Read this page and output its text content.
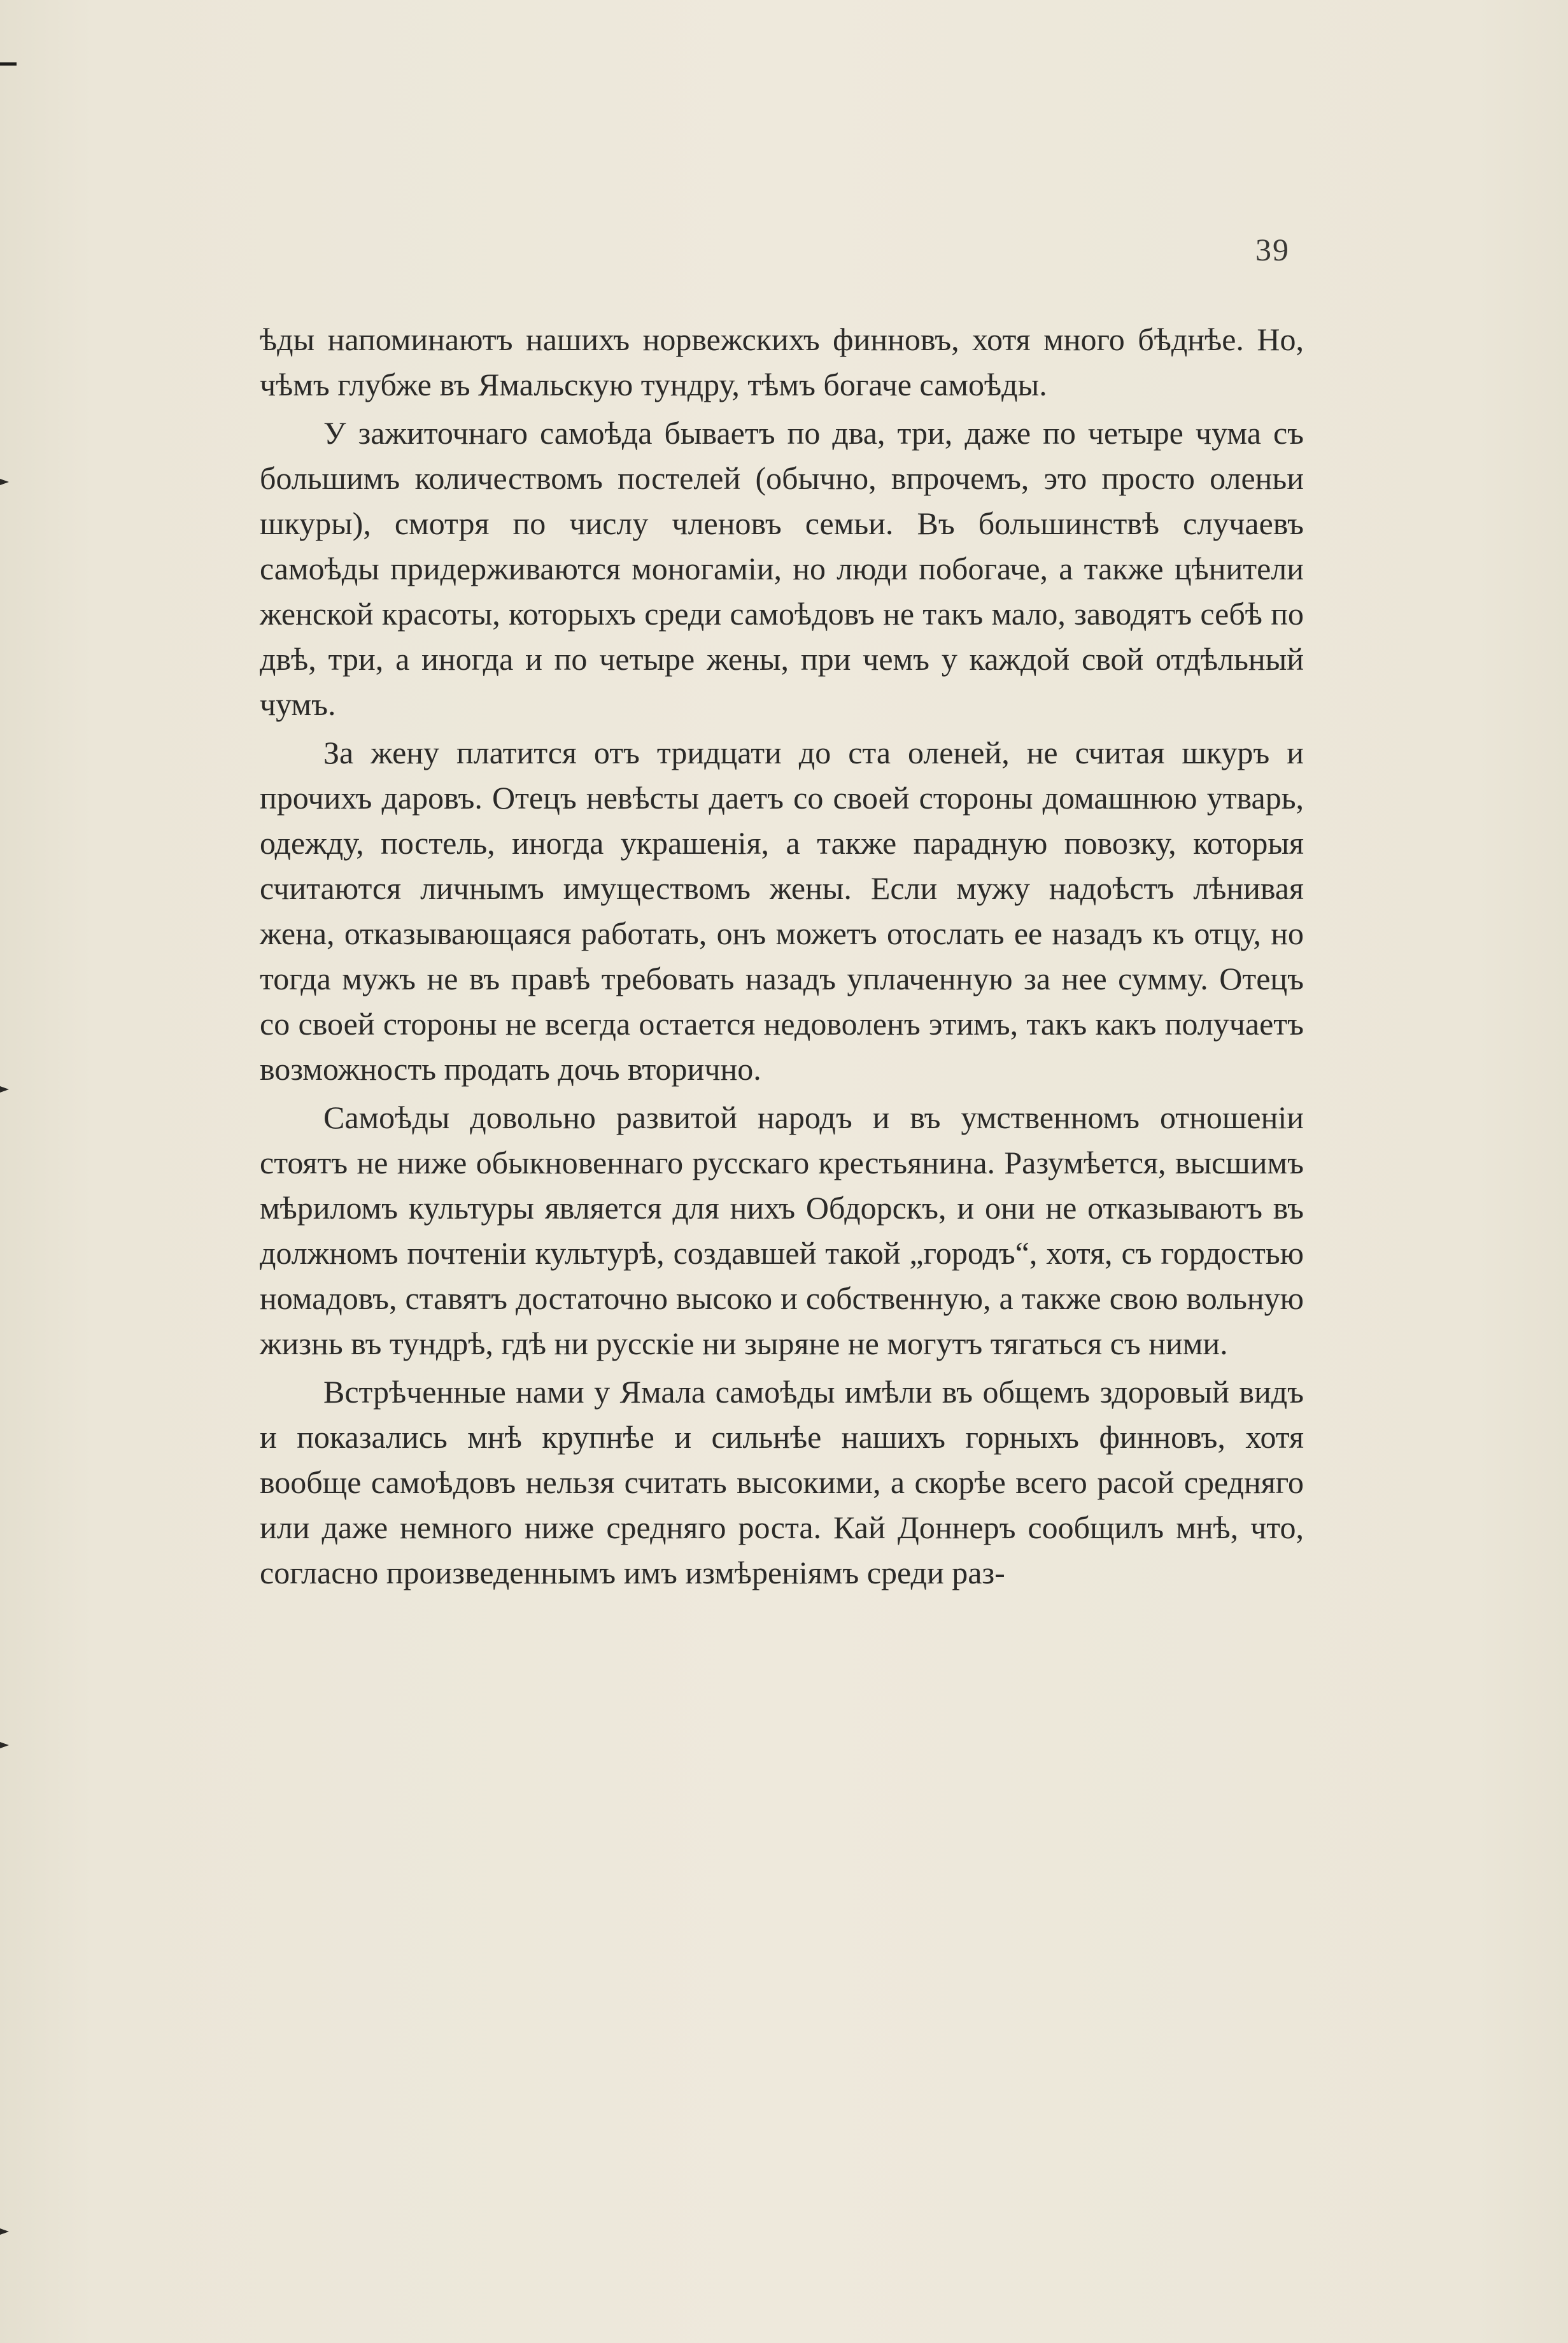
39

ѣды напоминаютъ нашихъ норвежскихъ финновъ, хотя много бѣднѣе. Но, чѣмъ глубже въ Ямальскую тундру, тѣмъ богаче самоѣды.

У зажиточнаго самоѣда бываетъ по два, три, даже по четыре чума съ большимъ количествомъ постелей (обычно, впрочемъ, это просто оленьи шкуры), смотря по числу членовъ семьи. Въ большинствѣ случаевъ самоѣды придерживаются моногаміи, но люди побогаче, а также цѣнители женской красоты, которыхъ среди самоѣдовъ не такъ мало, заводятъ себѣ по двѣ, три, а иногда и по четыре жены, при чемъ у каждой свой отдѣльный чумъ.

За жену платится отъ тридцати до ста оленей, не считая шкуръ и прочихъ даровъ. Отецъ невѣсты даетъ со своей стороны домашнюю утварь, одежду, постель, иногда украшенія, а также парадную повозку, которыя считаются личнымъ имуществомъ жены. Если мужу надоѣстъ лѣнивая жена, отказывающаяся работать, онъ можетъ отослать ее назадъ къ отцу, но тогда мужъ не въ правѣ требовать назадъ уплаченную за нее сумму. Отецъ со своей стороны не всегда остается недоволенъ этимъ, такъ какъ получаетъ возможность продать дочь вторично.

Самоѣды довольно развитой народъ и въ умственномъ отношеніи стоятъ не ниже обыкновеннаго русскаго крестьянина. Разумѣется, высшимъ мѣриломъ культуры является для нихъ Обдорскъ, и они не отказываютъ въ должномъ почтеніи культурѣ, создавшей такой „городъ“, хотя, съ гордостью номадовъ, ставятъ достаточно высоко и собственную, а также свою вольную жизнь въ тундрѣ, гдѣ ни русскіе ни зыряне не могутъ тягаться съ ними.

Встрѣченные нами у Ямала самоѣды имѣли въ общемъ здоровый видъ и показались мнѣ крупнѣе и сильнѣе нашихъ горныхъ финновъ, хотя вообще самоѣдовъ нельзя считать высокими, а скорѣе всего расой средняго или даже немного ниже средняго роста. Кай Доннеръ сообщилъ мнѣ, что, согласно произведеннымъ имъ измѣреніямъ среди раз-
